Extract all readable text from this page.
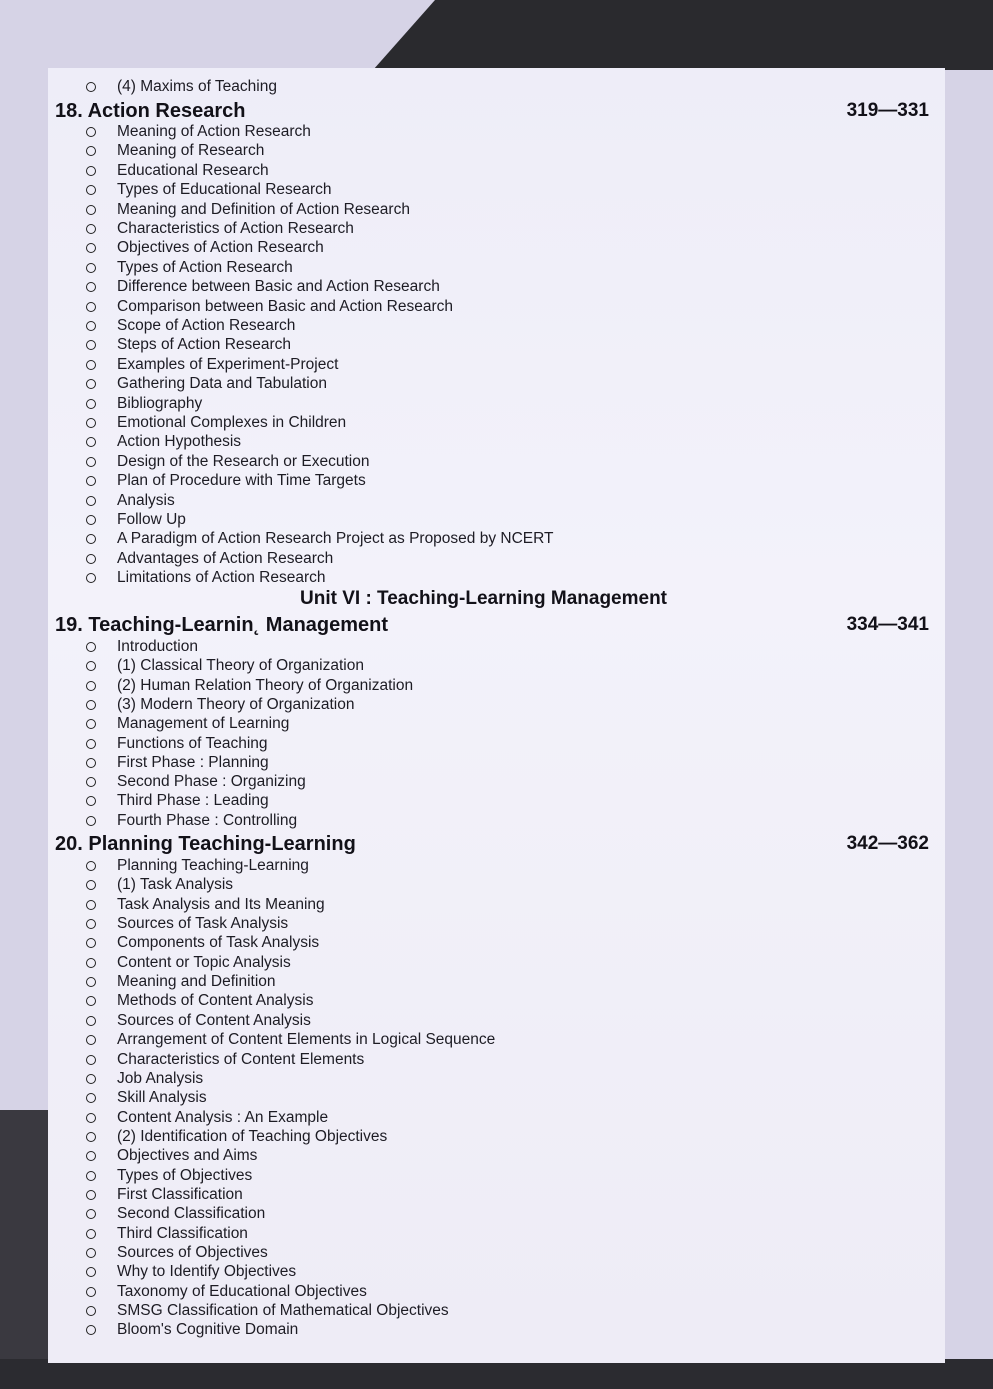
(4) Maxims of Teaching
Unit VI : Teaching-Learning Management
18. Action Research	319—331
Meaning of Action Research
Meaning of Research
Educational Research
Types of Educational Research
Meaning and Definition of Action Research
Characteristics of Action Research
Objectives of Action Research
Types of Action Research
Difference between Basic and Action Research
Comparison between Basic and Action Research
Scope of Action Research
Steps of Action Research
Examples of Experiment-Project
Gathering Data and Tabulation
Bibliography
Emotional Complexes in Children
Action Hypothesis
Design of the Research or Execution
Plan of Procedure with Time Targets
Analysis
Follow Up
A Paradigm of Action Research Project as Proposed by NCERT
Advantages of Action Research
Limitations of Action Research
19. Teaching-Learnin˛ Management	334—341
Introduction
(1) Classical Theory of Organization
(2) Human Relation Theory of Organization
(3) Modern Theory of Organization
Management of Learning
Functions of Teaching
First Phase : Planning
Second Phase : Organizing
Third Phase : Leading
Fourth Phase : Controlling
20. Planning Teaching-Learning	342—362
Planning Teaching-Learning
(1) Task Analysis
Task Analysis and Its Meaning
Sources of Task Analysis
Components of Task Analysis
Content or Topic Analysis
Meaning and Definition
Methods of Content Analysis
Sources of Content Analysis
Arrangement of Content Elements in Logical Sequence
Characteristics of Content Elements
Job Analysis
Skill Analysis
Content Analysis : An Example
(2) Identification of Teaching Objectives
Objectives and Aims
Types of Objectives
First Classification
Second Classification
Third Classification
Sources of Objectives
Why to Identify Objectives
Taxonomy of Educational Objectives
SMSG Classification of Mathematical Objectives
Bloom's Cognitive Domain
